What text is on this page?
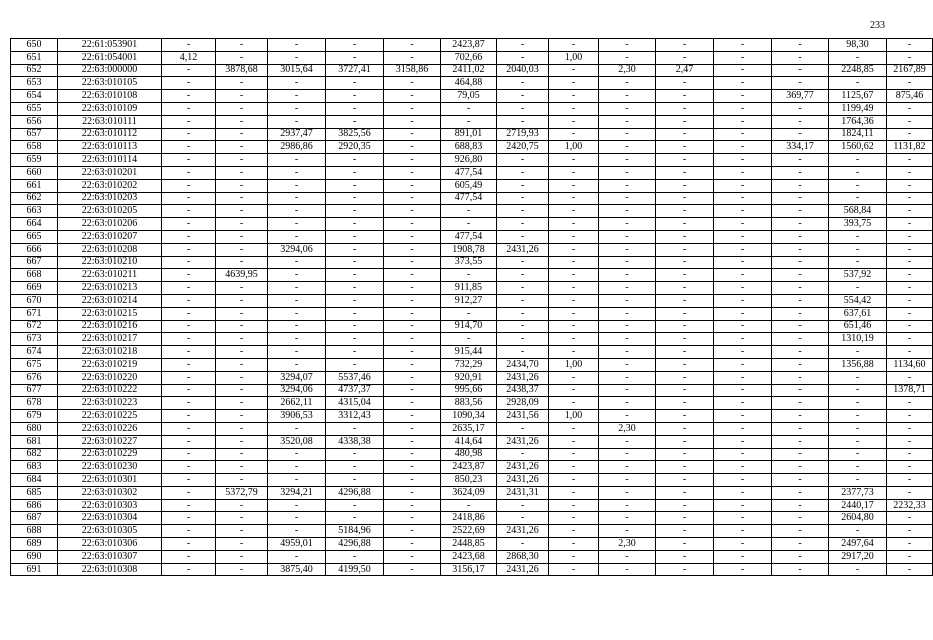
233
650	22:61:053901	-	-	-	-	-	2423,87	-	-	-	-	-	-	98,30	-
651	22:61:054001	4,12	-	-	-	-	702,66	-	1,00	-	-	-	-	-	-
652	22:63:000000	-	3878,68	3015,64	3727,41	3158,86	2411,02	2040,03	-	2,30	2,47	-	-	2248,85	2167,89
653	22:63:010105	-	-	-	-	-	464,88	-	-	-	-	-	-	-	-
654	22:63:010108	-	-	-	-	-	79,05	-	-	-	-	-	369,77	1125,67	875,46
655	22:63:010109	-	-	-	-	-	-	-	-	-	-	-	-	1199,49	-
656	22:63:010111	-	-	-	-	-	-	-	-	-	-	-	-	1764,36	-
657	22:63:010112	-	-	2937,47	3825,56	-	891,01	2719,93	-	-	-	-	-	1824,11	-
658	22:63:010113	-	-	2986,86	2920,35	-	688,83	2420,75	1,00	-	-	-	334,17	1560,62	1131,82
659	22:63:010114	-	-	-	-	-	926,80	-	-	-	-	-	-	-	-
660	22:63:010201	-	-	-	-	-	477,54	-	-	-	-	-	-	-	-
661	22:63:010202	-	-	-	-	-	605,49	-	-	-	-	-	-	-	-
662	22:63:010203	-	-	-	-	-	477,54	-	-	-	-	-	-	-	-
663	22:63:010205	-	-	-	-	-	-	-	-	-	-	-	-	568,84	-
664	22:63:010206	-	-	-	-	-	-	-	-	-	-	-	-	393,75	-
665	22:63:010207	-	-	-	-	-	477,54	-	-	-	-	-	-	-	-
666	22:63:010208	-	-	3294,06	-	-	1908,78	2431,26	-	-	-	-	-	-	-
667	22:63:010210	-	-	-	-	-	373,55	-	-	-	-	-	-	-	-
668	22:63:010211	-	4639,95	-	-	-	-	-	-	-	-	-	-	537,92	-
669	22:63:010213	-	-	-	-	-	911,85	-	-	-	-	-	-	-	-
670	22:63:010214	-	-	-	-	-	912,27	-	-	-	-	-	-	554,42	-
671	22:63:010215	-	-	-	-	-	-	-	-	-	-	-	-	637,61	-
672	22:63:010216	-	-	-	-	-	914,70	-	-	-	-	-	-	651,46	-
673	22:63:010217	-	-	-	-	-	-	-	-	-	-	-	-	1310,19	-
674	22:63:010218	-	-	-	-	-	915,44	-	-	-	-	-	-	-	-
675	22:63:010219	-	-	-	-	-	732,29	2434,70	1,00	-	-	-	-	1356,88	1134,60
676	22:63:010220	-	-	3294,07	5537,46	-	920,91	2431,26	-	-	-	-	-	-	-
677	22:63:010222	-	-	3294,06	4737,37	-	995,66	2438,37	-	-	-	-	-	-	1378,71
678	22:63:010223	-	-	2662,11	4315,04	-	883,56	2928,09	-	-	-	-	-	-	-
679	22:63:010225	-	-	3906,53	3312,43	-	1090,34	2431,56	1,00	-	-	-	-	-	-
680	22:63:010226	-	-	-	-	-	2635,17	-	-	2,30	-	-	-	-	-
681	22:63:010227	-	-	3520,08	4338,38	-	414,64	2431,26	-	-	-	-	-	-	-
682	22:63:010229	-	-	-	-	-	480,98	-	-	-	-	-	-	-	-
683	22:63:010230	-	-	-	-	-	2423,87	2431,26	-	-	-	-	-	-	-
684	22:63:010301	-	-	-	-	-	850,23	2431,26	-	-	-	-	-	-	-
685	22:63:010302	-	5372,79	3294,21	4296,88	-	3624,09	2431,31	-	-	-	-	-	2377,73	-
686	22:63:010303	-	-	-	-	-	-	-	-	-	-	-	-	2440,17	2232,33
687	22:63:010304	-	-	-	-	-	2418,86	-	-	-	-	-	-	2604,80	-
688	22:63:010305	-	-	-	5184,96	-	2522,69	2431,26	-	-	-	-	-	-	-
689	22:63:010306	-	-	4959,01	4296,88	-	2448,85	-	-	2,30	-	-	-	2497,64	-
690	22:63:010307	-	-	-	-	-	2423,68	2868,30	-	-	-	-	-	2917,20	-
691	22:63:010308	-	-	3875,40	4199,50	-	3156,17	2431,26	-	-	-	-	-	-	-
